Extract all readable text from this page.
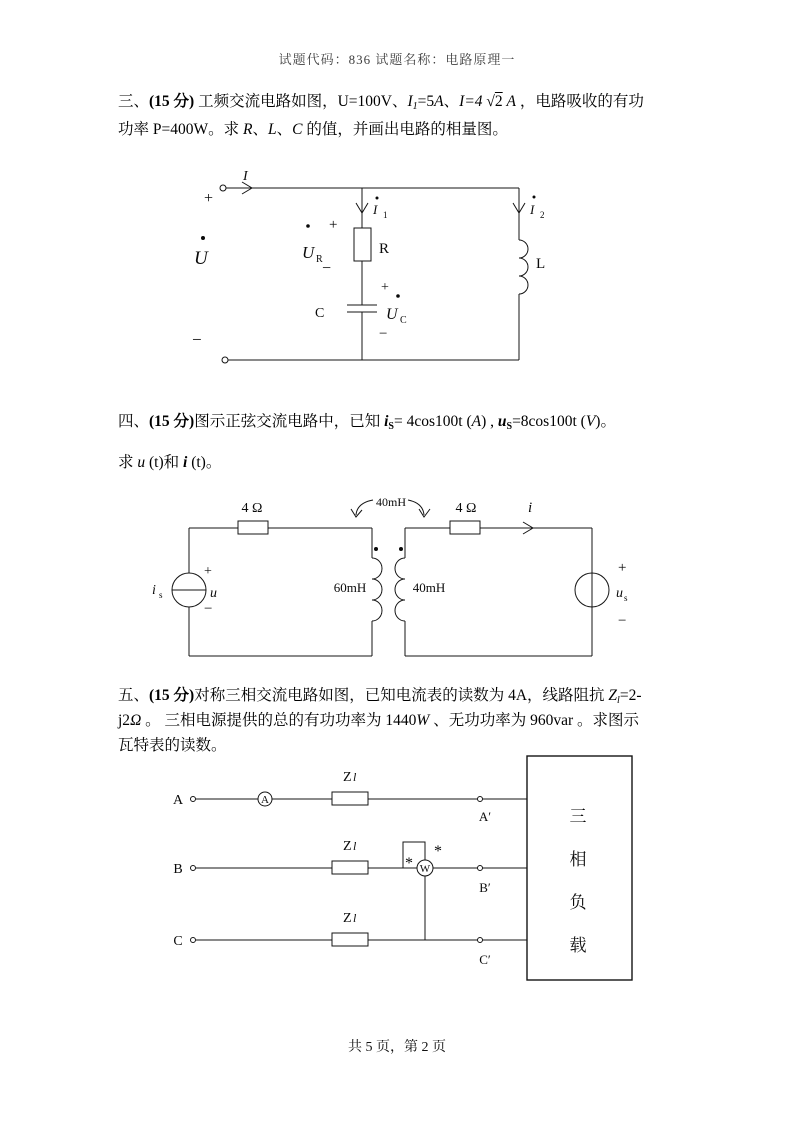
试题代码：836 试题名称：电路原理一
三、(15 分) 工频交流电路如图，U=100V、$I_1=5A$、I=4 √2 A ，电路吸收的有功
功率 P=400W。求 R、L、C 的值，并画出电路的相量图。
I
+
U
−
U R
+
−
I 1
R
C
+
U C
−
I 2
L
四、(15 分)图示正弦交流电路中，已知 $i_S= 4\cos 100t$ (A) , $u_S=8\cos 100t$ (V)。
求 u (t)和 i (t)。
4 Ω	40mH	4 Ω	i
i s
+
u
−
60mH	40mH
+
u s
−
五、(15 分)对称三相交流电路如图，已知电流表的读数为 4A，线路阻抗 $Z_l=2-$
j2Ω 。 三相电源提供的总的有功功率为 1440W 、无功功率为 960var 。求图示
瓦特表的读数。
A
B
C
Z l
Z l
Z l
A
W
*
*
A′
B′
C′
三
相
负
载
共 5 页，第 2 页
